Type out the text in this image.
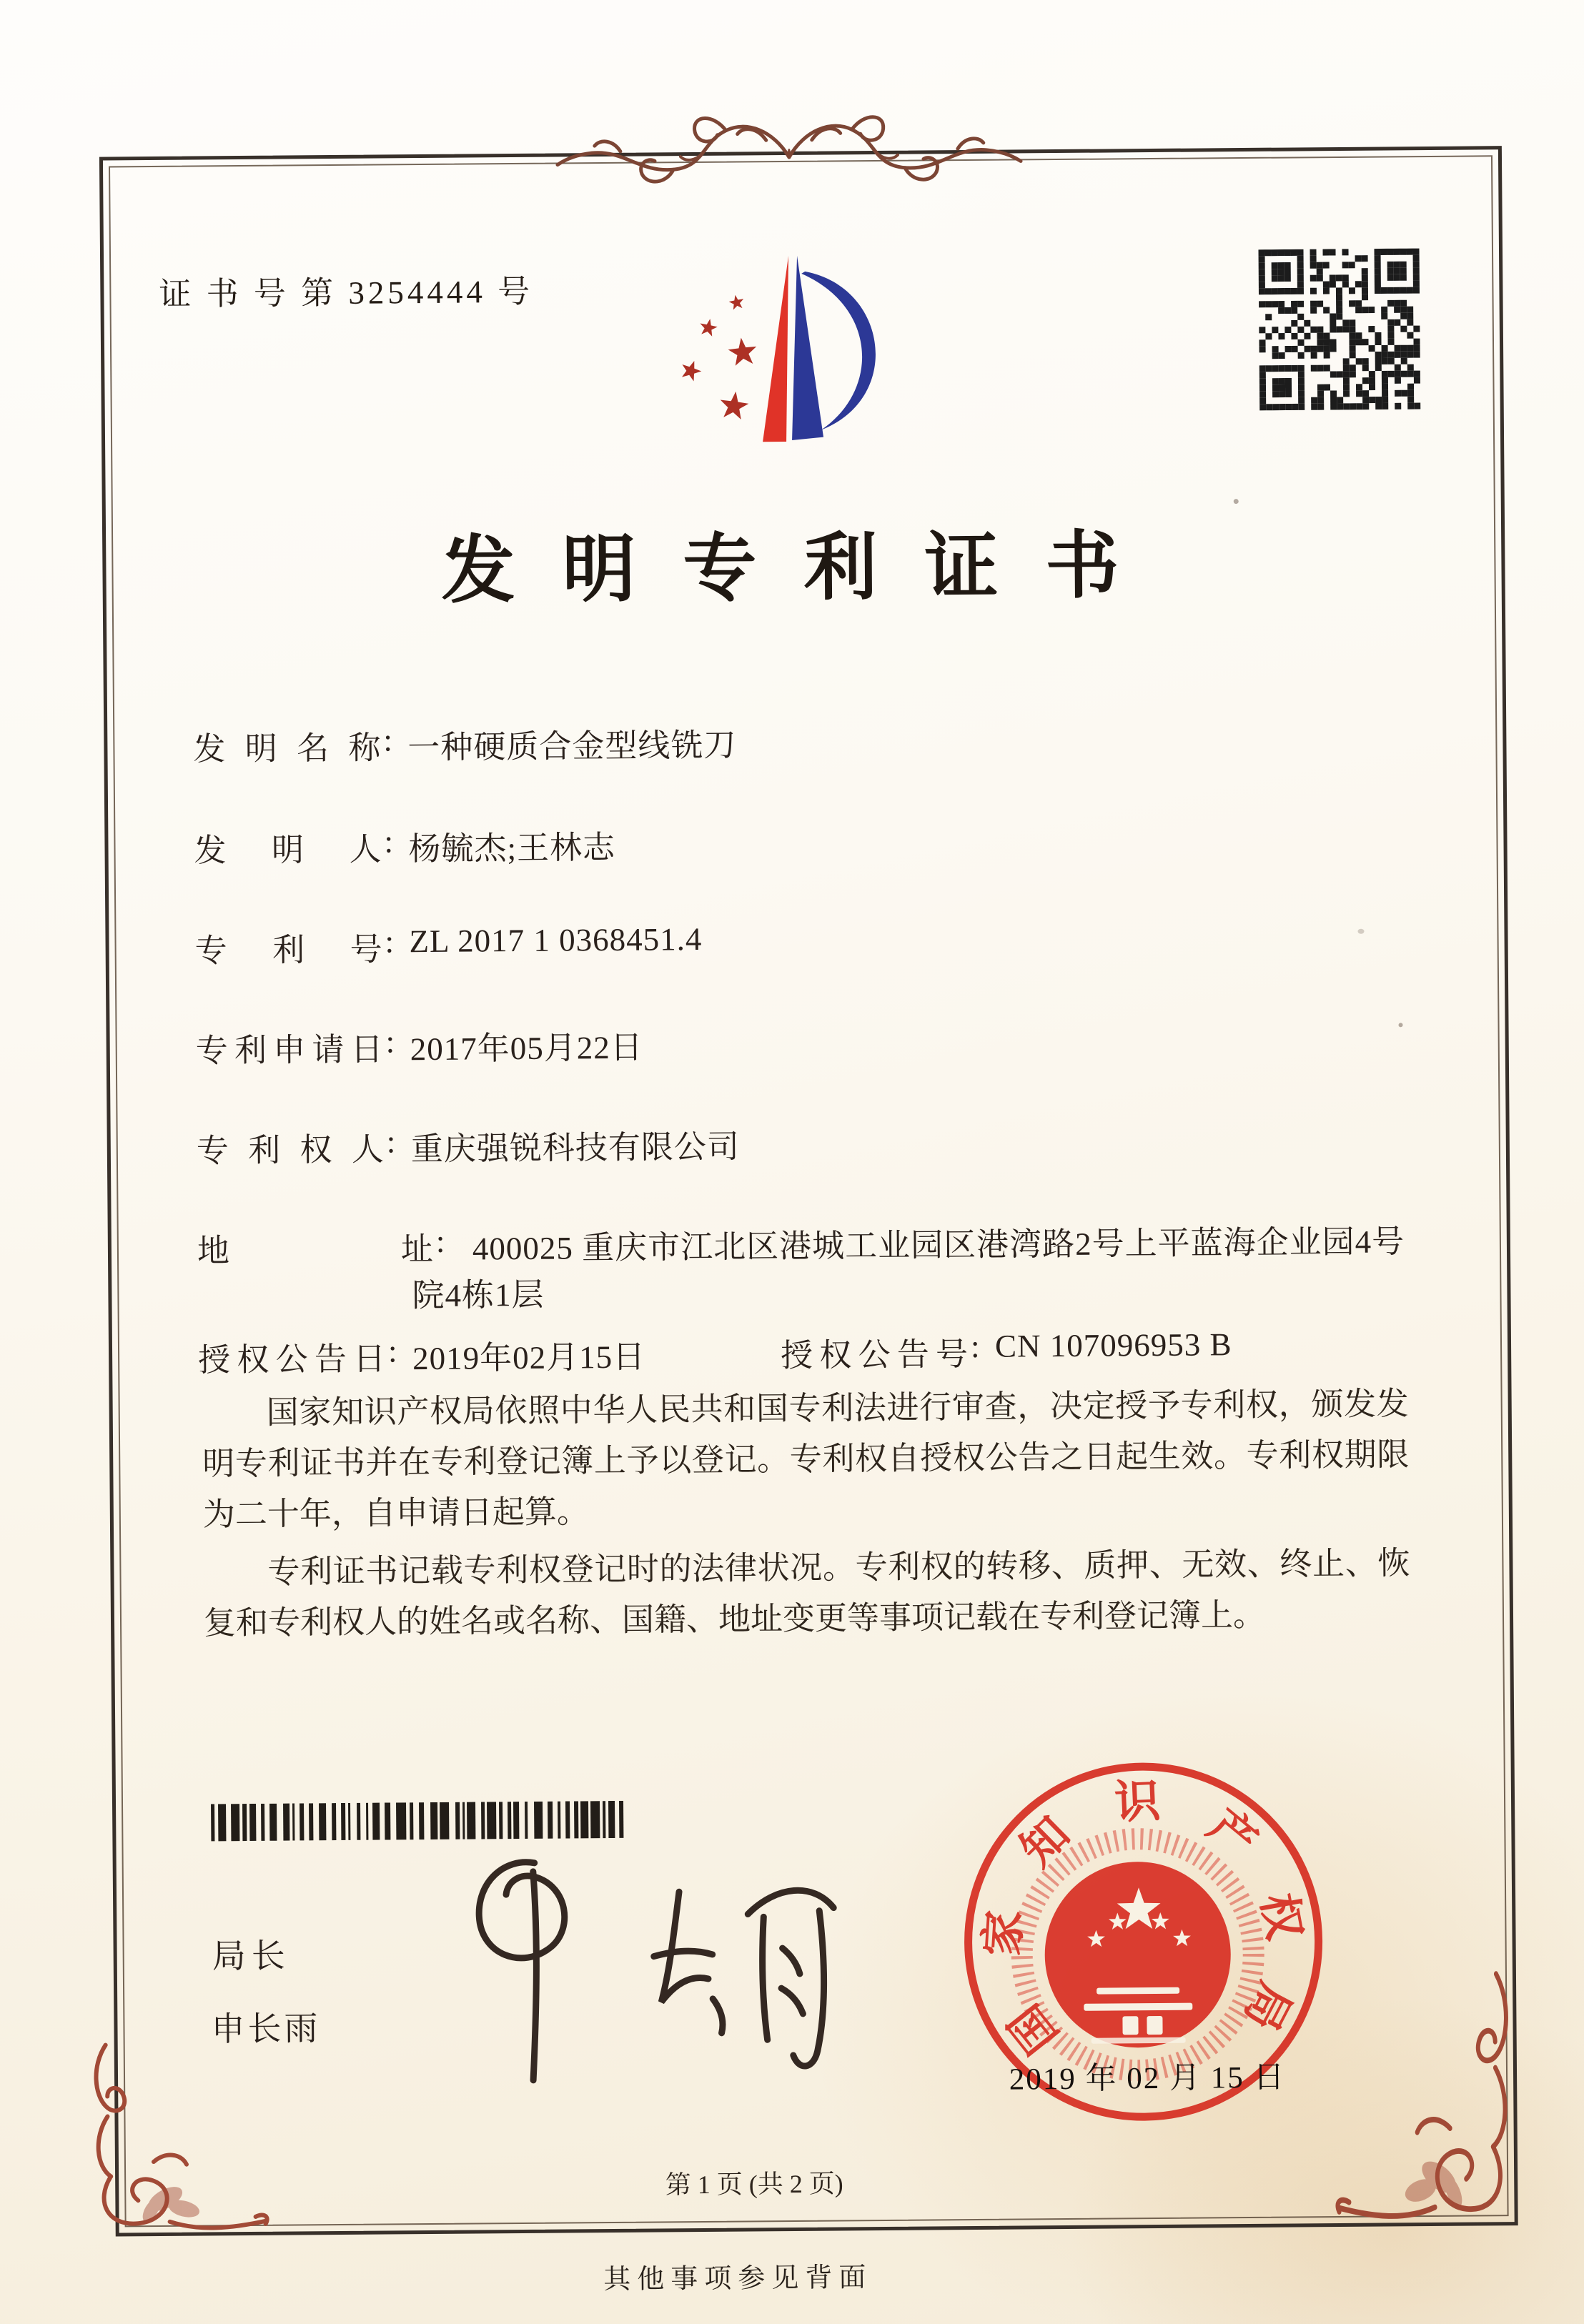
证 书 号 第 3254444 号
发明专利证书
发 明 名 称 : 一种硬质合金型线铣刀
发 明 人 : 杨毓杰;王林志
专 利 号 : ZL 2017 1 0368451.4
专 利 申 请 日 : 2017年05月22日
专 利 权 人 : 重庆强锐科技有限公司
地	址 : 400025 重庆市江北区港城工业园区港湾路2号上平蓝海企业园4号院4栋1层
授 权 公 告 日 : 2019年02月15日	授 权 公 告 号 : CN 107096953 B

国家知识产权局依照中华人民共和国专利法进行审查，决定授予专利权，颁发发明专利证书并在专利登记簿上予以登记。专利权自授权公告之日起生效。专利权期限为二十年，自申请日起算。

专利证书记载专利权登记时的法律状况。专利权的转移、质押、无效、终止、恢复和专利权人的姓名或名称、国籍、地址变更等事项记载在专利登记簿上。

局长
申长雨	国
家
知
识 产
权
局
2019 年 02 月 15 日
第 1 页 (共 2 页)
其他事项参见背面
